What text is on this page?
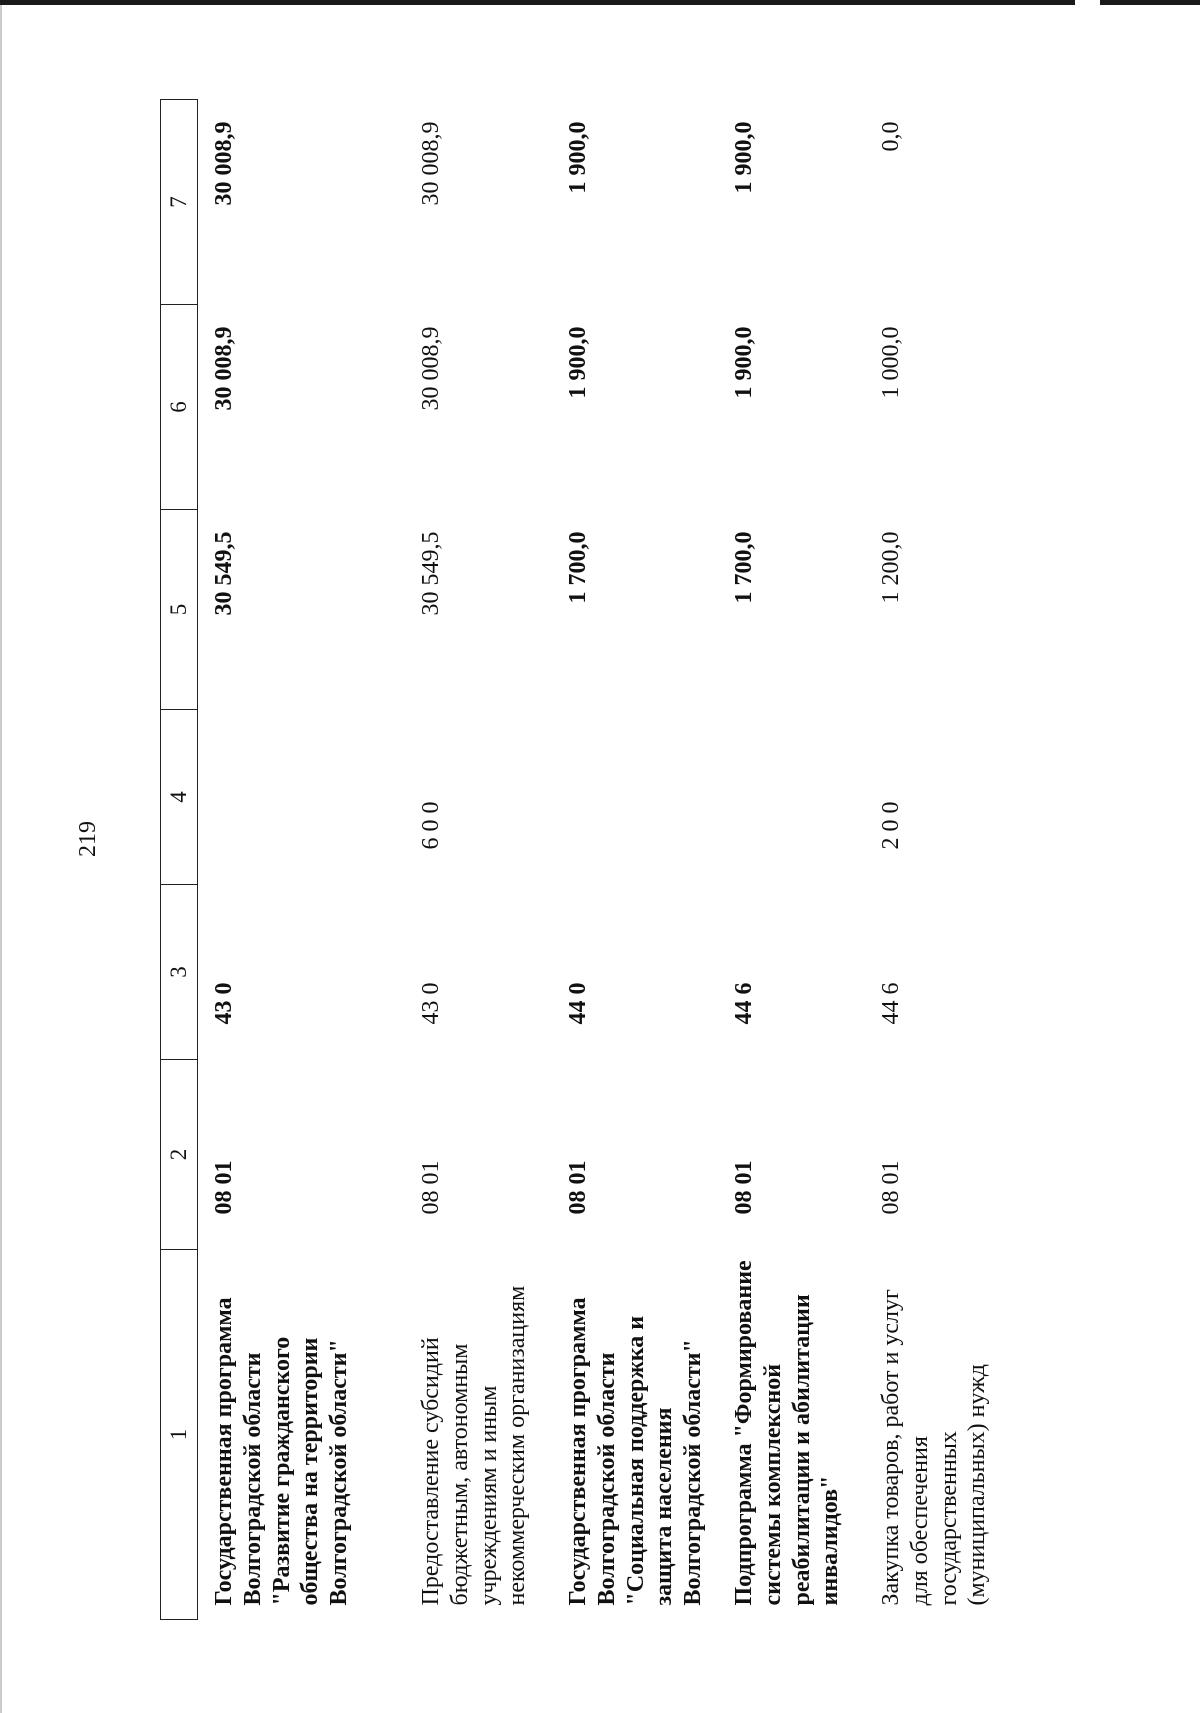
219
1	2	3	4	5	6	7
Государственная программа Волгоградской области "Развитие гражданского общества на территории Волгоградской области"	08 01	43 0		30 549,5	30 008,9	30 008,9
Предоставление субсидий бюджетным, автономным учреждениям и иным некоммерческим организациям	08 01	43 0	6 0 0	30 549,5	30 008,9	30 008,9
Государственная программа Волгоградской области "Социальная поддержка и защита населения Волгоградской области"	08 01	44 0		1 700,0	1 900,0	1 900,0
Подпрограмма "Формирование системы комплексной реабилитации и абилитации инвалидов"	08 01	44 6		1 700,0	1 900,0	1 900,0
Закупка товаров, работ и услуг для обеспечения государственных (муниципальных) нужд	08 01	44 6	2 0 0	1 200,0	1 000,0	0,0
